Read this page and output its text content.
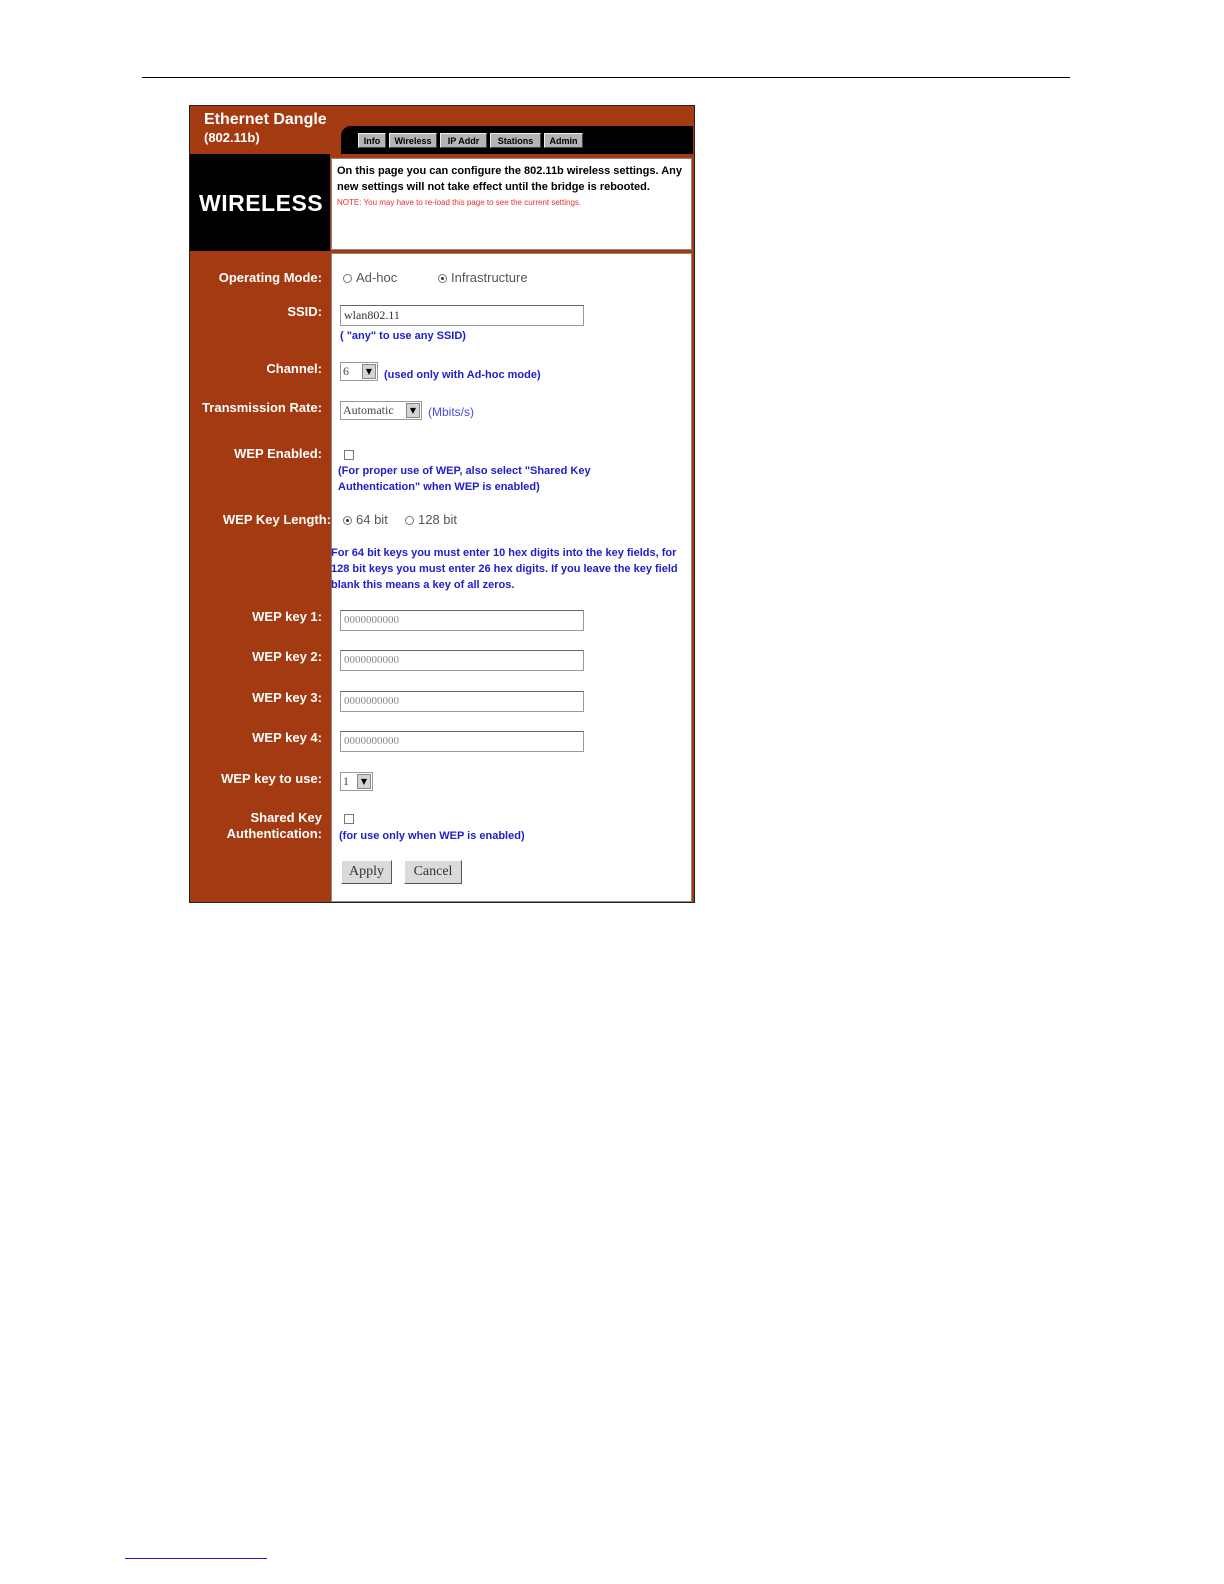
Ethernet Dangle
(802.11b)	Info	Wireless	IP Addr	Stations	Admin
WIRELESS
On this page you can configure the 802.11b wireless settings. Any new settings will not take effect until the bridge is rebooted.
NOTE: You may have to re-load this page to see the current settings.
Operating Mode:	Ad-hoc	Infrastructure
SSID:	wlan802.11
( "any" to use any SSID)
Channel: 6	▼	(used only with Ad-hoc mode)
Transmission Rate: Automatic	▼ (Mbits/s)
WEP Enabled:
(For proper use of WEP, also select "Shared Key Authentication" when WEP is enabled)
WEP Key Length:	64 bit	128 bit
For 64 bit keys you must enter 10 hex digits into the key fields, for 128 bit keys you must enter 26 hex digits. If you leave the key field blank this means a key of all zeros.
WEP key 1:	0000000000
WEP key 2:	0000000000
WEP key 3:	0000000000
WEP key 4:	0000000000
WEP key to use: 1	▼
Shared Key
Authentication: (for use only when WEP is enabled)
Apply	Cancel
